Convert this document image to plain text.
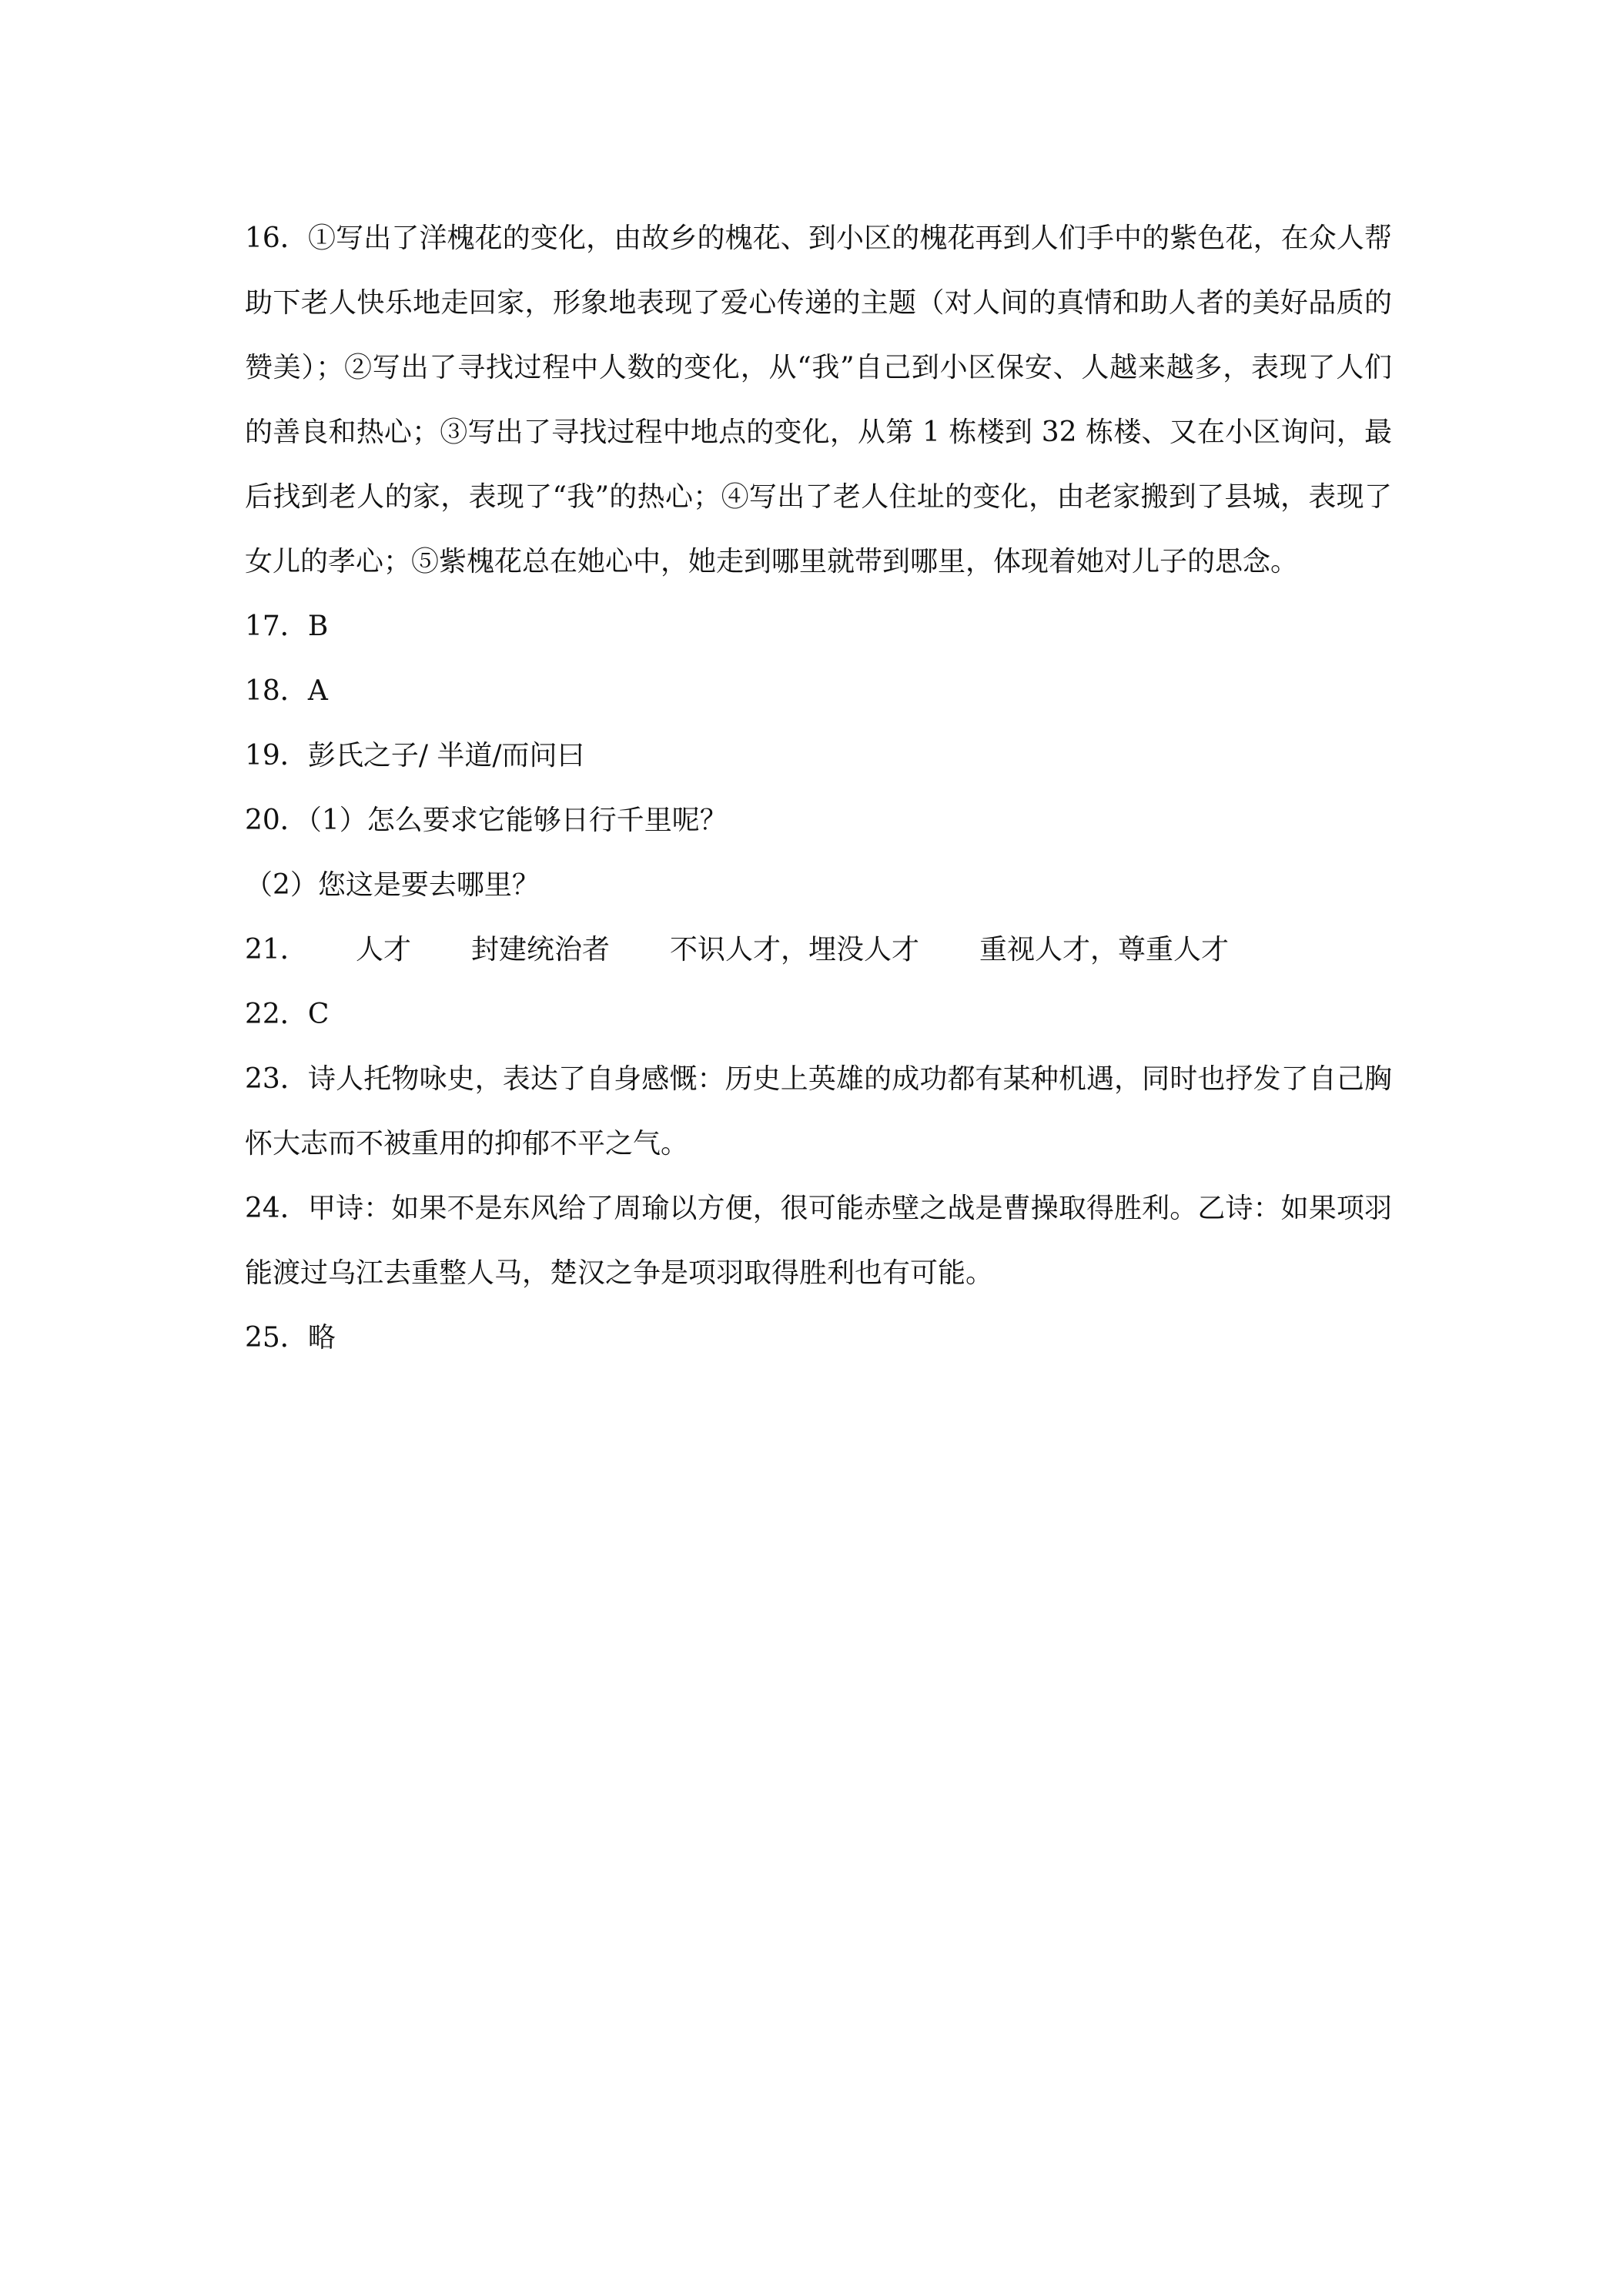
16．①写出了洋槐花的变化，由故乡的槐花、到小区的槐花再到人们手中的紫色花，在众人帮助下老人快乐地走回家，形象地表现了爱心传递的主题（对人间的真情和助人者的美好品质的赞美）；②写出了寻找过程中人数的变化，从“我”自己到小区保安、人越来越多，表现了人们的善良和热心；③写出了寻找过程中地点的变化，从第 1 栋楼到 32 栋楼、又在小区询问，最后找到老人的家，表现了“我”的热心；④写出了老人住址的变化，由老家搬到了县城，表现了女儿的孝心；⑤紫槐花总在她心中，她走到哪里就带到哪里，体现着她对儿子的思念。

17．B

18．A

19．彭氏之子/ 半道/而问曰

20．（1）怎么要求它能够日行千里呢？

（2）您这是要去哪里？

21．	人才 封建统治者 不识人才，埋没人才 重视人才，尊重人才

22．C

23．诗人托物咏史，表达了自身感慨：历史上英雄的成功都有某种机遇，同时也抒发了自己胸怀大志而不被重用的抑郁不平之气。

24．甲诗：如果不是东风给了周瑜以方便，很可能赤壁之战是曹操取得胜利。乙诗：如果项羽能渡过乌江去重整人马，楚汉之争是项羽取得胜利也有可能。

25．略
